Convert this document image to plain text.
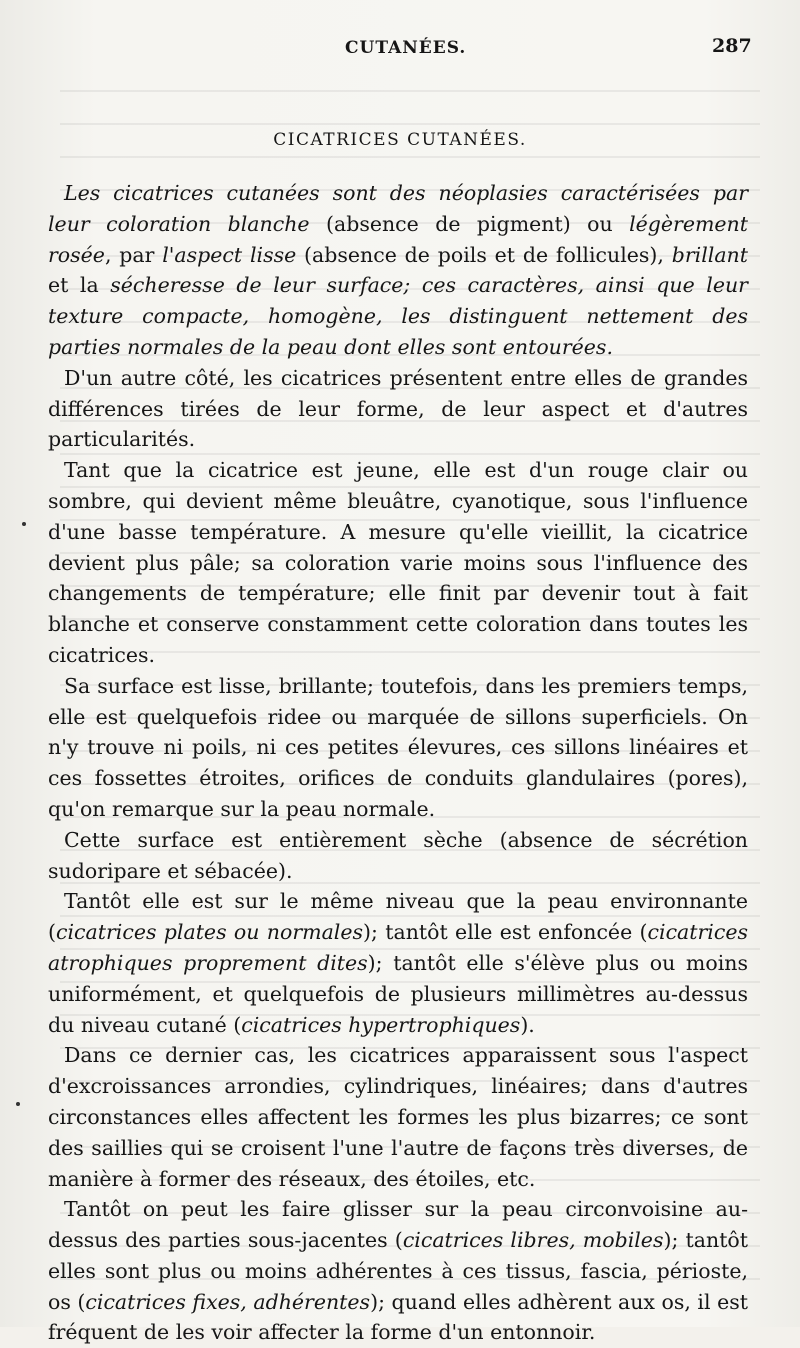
CUTANÉES.	287
CICATRICES CUTANÉES.

Les cicatrices cutanées sont des néoplasies caractérisées par leur coloration blanche (absence de pigment) ou légèrement rosée, par l'aspect lisse (absence de poils et de follicules), brillant et la sécheresse de leur surface; ces caractères, ainsi que leur texture compacte, homogène, les distinguent nettement des parties normales de la peau dont elles sont entourées.

D'un autre côté, les cicatrices présentent entre elles de grandes différences tirées de leur forme, de leur aspect et d'autres particularités.

Tant que la cicatrice est jeune, elle est d'un rouge clair ou sombre, qui devient même bleuâtre, cyanotique, sous l'influence d'une basse température. A mesure qu'elle vieillit, la cicatrice devient plus pâle; sa coloration varie moins sous l'influence des changements de température; elle finit par devenir tout à fait blanche et conserve constamment cette coloration dans toutes les cicatrices.

Sa surface est lisse, brillante; toutefois, dans les premiers temps, elle est quelquefois ridee ou marquée de sillons superficiels. On n'y trouve ni poils, ni ces petites élevures, ces sillons linéaires et ces fossettes étroites, orifices de conduits glandulaires (pores), qu'on remarque sur la peau normale.

Cette surface est entièrement sèche (absence de sécrétion sudoripare et sébacée).

Tantôt elle est sur le même niveau que la peau environnante (cicatrices plates ou normales); tantôt elle est enfoncée (cicatrices atrophiques proprement dites); tantôt elle s'élève plus ou moins uniformément, et quelquefois de plusieurs millimètres au-dessus du niveau cutané (cicatrices hypertrophiques).

Dans ce dernier cas, les cicatrices apparaissent sous l'aspect d'excroissances arrondies, cylindriques, linéaires; dans d'autres circonstances elles affectent les formes les plus bizarres; ce sont des saillies qui se croisent l'une l'autre de façons très diverses, de manière à former des réseaux, des étoiles, etc.

Tantôt on peut les faire glisser sur la peau circonvoisine au-dessus des parties sous-jacentes (cicatrices libres, mobiles); tantôt elles sont plus ou moins adhérentes à ces tissus, fascia, périoste, os (cicatrices fixes, adhérentes); quand elles adhèrent aux os, il est fréquent de les voir affecter la forme d'un entonnoir.
